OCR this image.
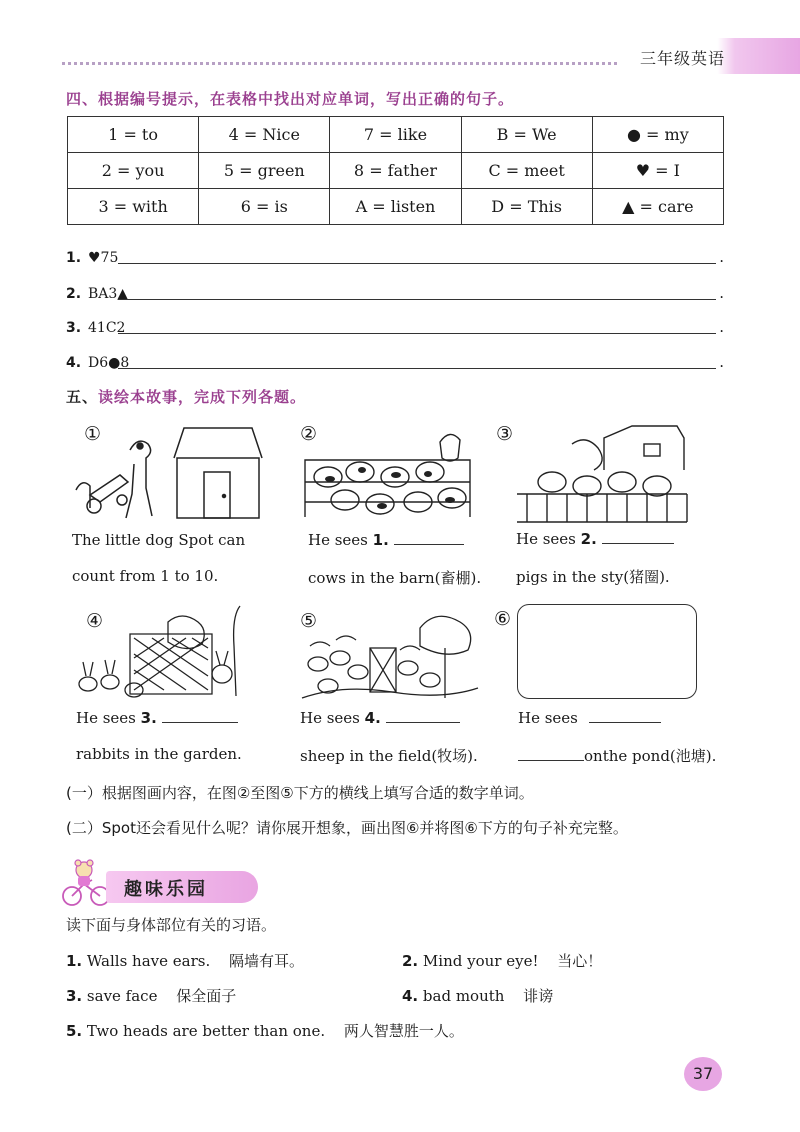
三年级英语
四、根据编号提示，在表格中找出对应单词，写出正确的句子。
1 = to	4 = Nice	7 = like	B = We	● = my
2 = you	5 = green	8 = father	C = meet	♥ = I
3 = with	6 = is	A = listen	D = This	▲ = care
1. ♥75	.
2. BA3▲	.
3. 41C2	.
4. D6●8	.
五、读绘本故事，完成下列各题。
①
The little dog Spot can
count from 1 to 10.
②
He sees 1.
cows in the barn(畜棚).
③
He sees 2.
pigs in the sty(猪圈).
④
He sees 3.
rabbits in the garden.
⑤
He sees 4.
sheep in the field(牧场).
⑥
He sees
onthe pond(池塘).
(一）根据图画内容，在图②至图⑤下方的横线上填写合适的数字单词。
(二）Spot还会看见什么呢？请你展开想象，画出图⑥并将图⑥下方的句子补充完整。
趣味乐园
读下面与身体部位有关的习语。
1. Walls have ears. 隔墙有耳。	2. Mind your eye! 当心！
3. save face 保全面子	4. bad mouth 诽谤
5. Two heads are better than one. 两人智慧胜一人。
37
